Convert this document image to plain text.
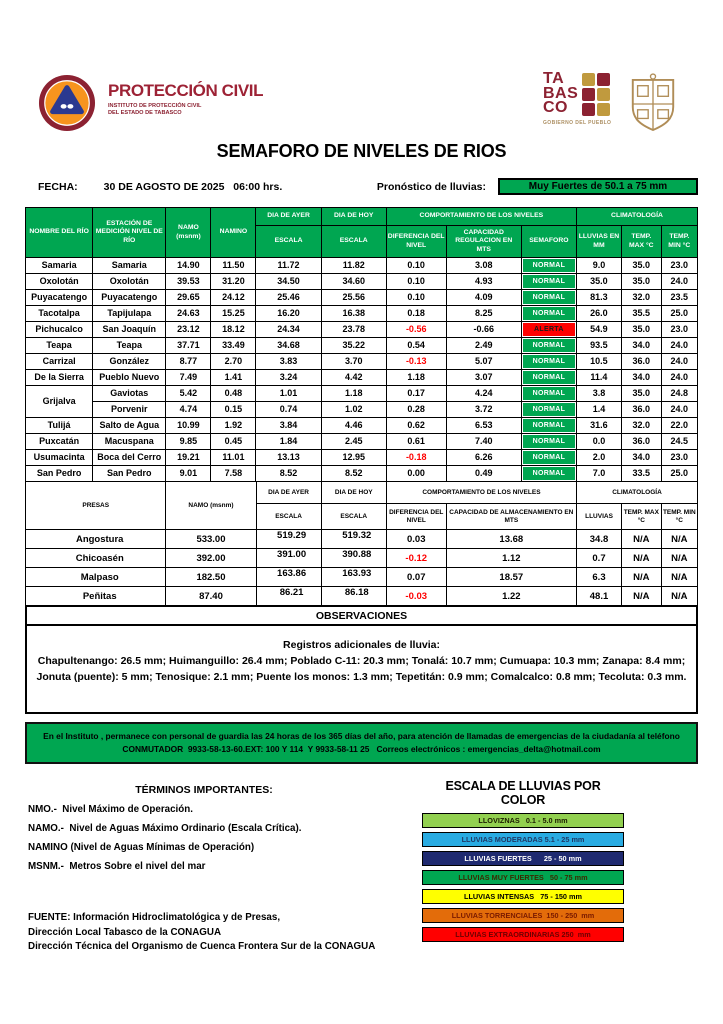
PROTECCIÓN CIVIL
INSTITUTO DE PROTECCIÓN CIVIL
DEL ESTADO DE TABASCO
TA
BAS
CO
GOBIERNO DEL PUEBLO
SEMAFORO DE NIVELES DE RIOS
FECHA: 30 DE AGOSTO DE 2025   06:00 hrs.	Pronóstico de lluvias:	Muy Fuertes de 50.1 a 75 mm
NOMBRE DEL RÍO	ESTACIÓN DE MEDICIÓN NIVEL DE RÍO	NAMO (msnm)	NAMINO	DIA DE AYER	DIA DE HOY	COMPORTAMIENTO DE LOS NIVELES			CLIMATOLOGÍA		
				ESCALA	ESCALA	DIFERENCIA DEL NIVEL	CAPACIDAD REGULACION EN MTS	SEMAFORO	LLUVIAS EN MM	TEMP. MAX °C	TEMP. MIN °C
Samaria	Samaria	14.90	11.50	11.72	11.82	0.10	3.08	NORMAL	9.0	35.0	23.0
Oxolotán	Oxolotán	39.53	31.20	34.50	34.60	0.10	4.93	NORMAL	35.0	35.0	24.0
Puyacatengo	Puyacatengo	29.65	24.12	25.46	25.56	0.10	4.09	NORMAL	81.3	32.0	23.5
Tacotalpa	Tapijulapa	24.63	15.25	16.20	16.38	0.18	8.25	NORMAL	26.0	35.5	25.0
Pichucalco	San Joaquín	23.12	18.12	24.34	23.78	-0.56	-0.66	ALERTA	54.9	35.0	23.0
Teapa	Teapa	37.71	33.49	34.68	35.22	0.54	2.49	NORMAL	93.5	34.0	24.0
Carrizal	González	8.77	2.70	3.83	3.70	-0.13	5.07	NORMAL	10.5	36.0	24.0
De la Sierra	Pueblo Nuevo	7.49	1.41	3.24	4.42	1.18	3.07	NORMAL	11.4	34.0	24.0
Grijalva	Gaviotas	5.42	0.48	1.01	1.18	0.17	4.24	NORMAL	3.8	35.0	24.8
	Porvenir	4.74	0.15	0.74	1.02	0.28	3.72	NORMAL	1.4	36.0	24.0
Tulijá	Salto de Agua	10.99	1.92	3.84	4.46	0.62	6.53	NORMAL	31.6	32.0	22.0
Puxcatán	Macuspana	9.85	0.45	1.84	2.45	0.61	7.40	NORMAL	0.0	36.0	24.5
Usumacinta	Boca del Cerro	19.21	11.01	13.13	12.95	-0.18	6.26	NORMAL	2.0	34.0	23.0
San Pedro	San Pedro	9.01	7.58	8.52	8.52	0.00	0.49	NORMAL	7.0	33.5	25.0
PRESAS	NAMO (msnm)	DIA DE AYER	DIA DE HOY	COMPORTAMIENTO DE LOS NIVELES		CLIMATOLOGÍA		
		ESCALA	ESCALA	DIFERENCIA DEL NIVEL	CAPACIDAD DE ALMACENAMIENTO EN MTS	LLUVIAS	TEMP. MAX °C	TEMP. MIN °C
Angostura	533.00	519.29	519.32	0.03	13.68	34.8	N/A	N/A
Chicoasén	392.00	391.00	390.88	-0.12	1.12	0.7	N/A	N/A
Malpaso	182.50	163.86	163.93	0.07	18.57	6.3	N/A	N/A
Peñitas	87.40	86.21	86.18	-0.03	1.22	48.1	N/A	N/A
OBSERVACIONES
Registros adicionales de lluvia:
Chapultenango: 26.5 mm; Huimanguillo: 26.4 mm; Poblado C-11: 20.3 mm; Tonalá: 10.7 mm; Cumuapa: 10.3 mm; Zanapa: 8.4 mm; Jonuta (puente): 5 mm; Tenosique: 2.1 mm; Puente los monos: 1.3 mm; Tepetitán: 0.9 mm; Comalcalco: 0.8 mm; Tecoluta: 0.3 mm.
En el Instituto , permanece con personal de guardia las 24 horas de los 365 días del año, para atención de llamadas de emergencias de la ciudadanía al teléfono
CONMUTADOR  9933-58-13-60.EXT: 100 Y 114  Y 9933-58-11 25   Correos electrónicos : emergencias_delta@hotmail.com
TÉRMINOS IMPORTANTES:
NMO.-  Nivel Máximo de Operación.
NAMO.-  Nivel de Aguas Máximo Ordinario (Escala Crítica).
NAMINO (Nivel de Aguas Mínimas de Operación)
MSNM.-  Metros Sobre el nivel del mar
ESCALA DE LLUVIAS POR COLOR
LLOVIZNAS   0.1 - 5.0 mm
LLUVIAS MODERADAS 5.1 - 25 mm
LLUVIAS FUERTES      25 - 50 mm
LLUVIAS MUY FUERTES   50 - 75 mm
LLUVIAS INTENSAS   75 - 150 mm
LLUVIAS TORRENCIALES  150 - 250  mm
LLUVIAS EXTRAORDINARIAS 250  mm
FUENTE: Información Hidroclimatológica y de Presas,
Dirección Local Tabasco de la CONAGUA
Dirección Técnica del Organismo de Cuenca Frontera Sur de la CONAGUA
